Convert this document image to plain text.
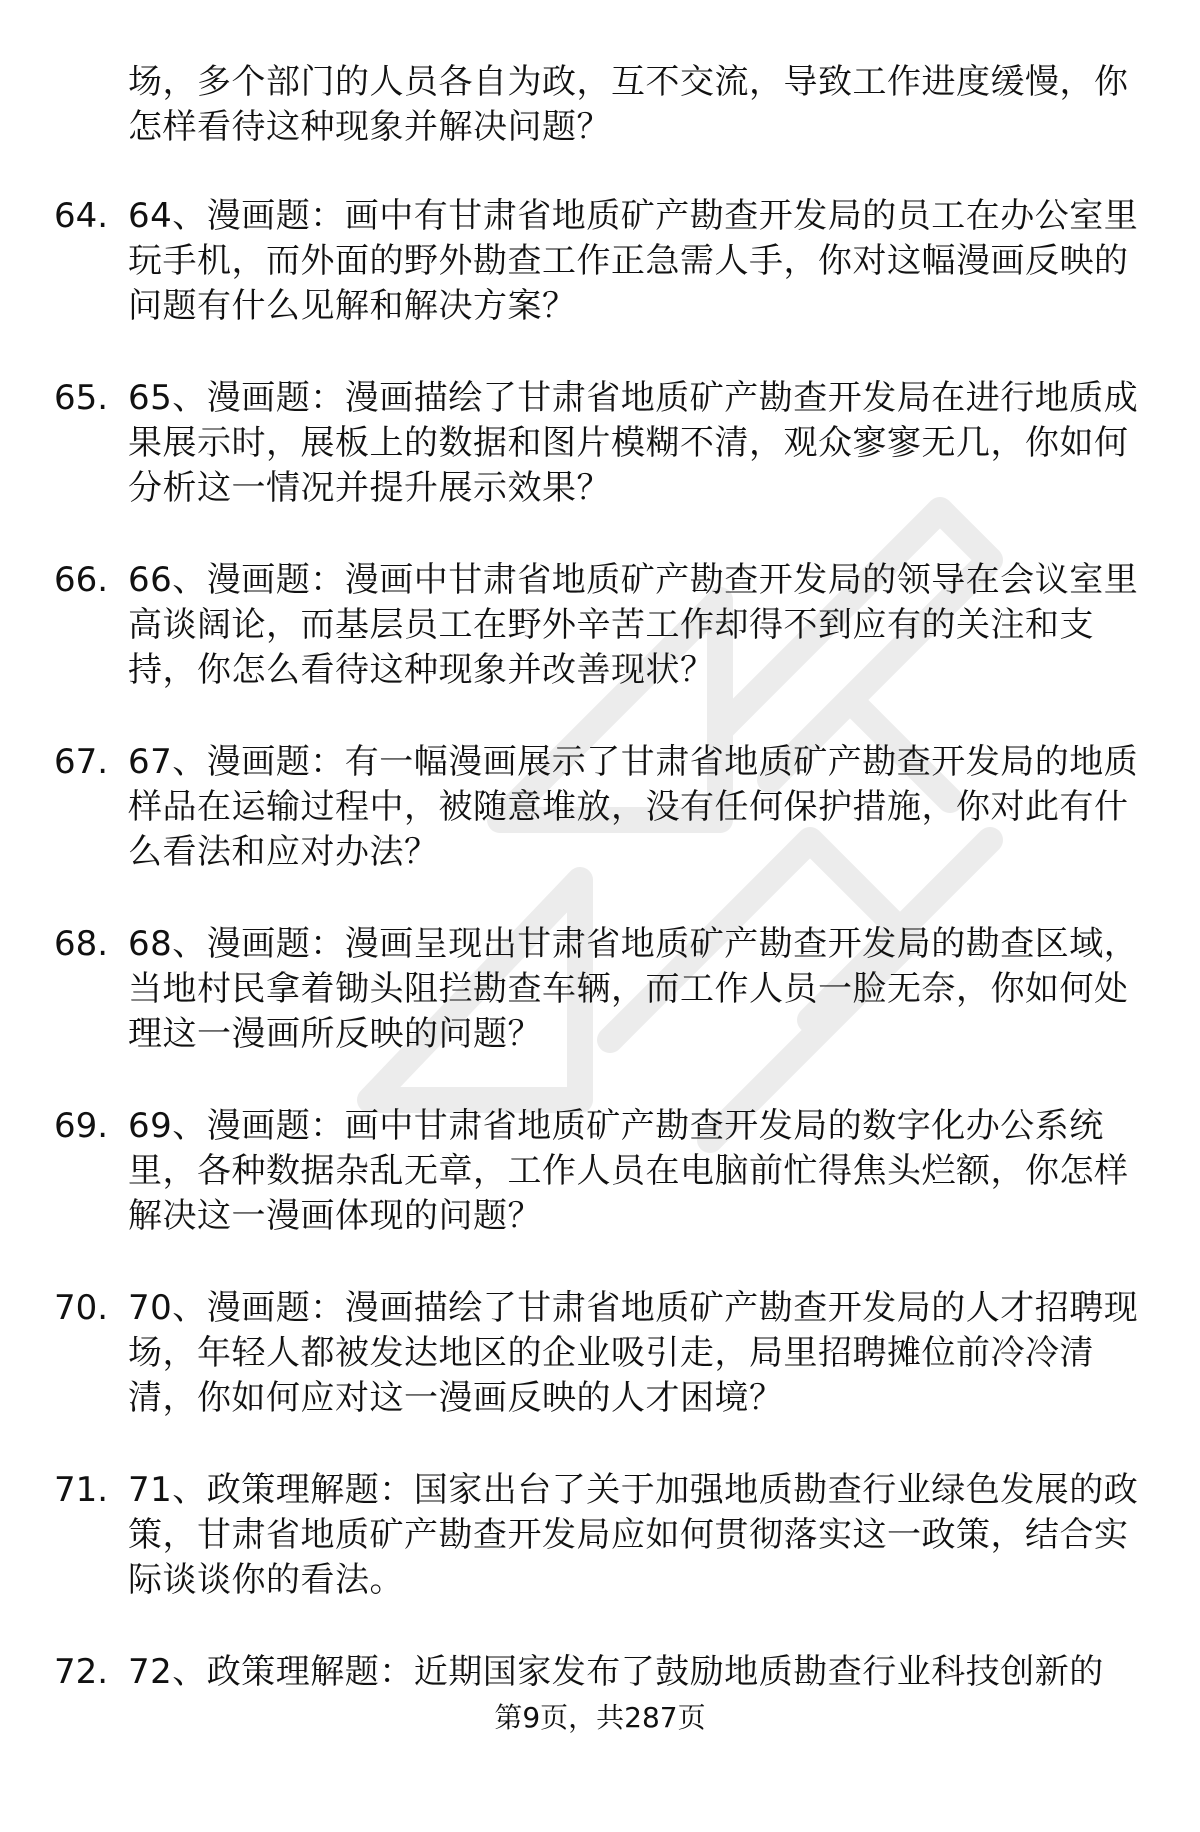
场，多个部门的人员各自为政，互不交流，导致工作进度缓慢，你怎样看待这种现象并解决问题？
64. 64、漫画题：画中有甘肃省地质矿产勘查开发局的员工在办公室里玩手机，而外面的野外勘查工作正急需人手，你对这幅漫画反映的问题有什么见解和解决方案？
65. 65、漫画题：漫画描绘了甘肃省地质矿产勘查开发局在进行地质成果展示时，展板上的数据和图片模糊不清，观众寥寥无几，你如何分析这一情况并提升展示效果？
66. 66、漫画题：漫画中甘肃省地质矿产勘查开发局的领导在会议室里高谈阔论，而基层员工在野外辛苦工作却得不到应有的关注和支持，你怎么看待这种现象并改善现状？
67. 67、漫画题：有一幅漫画展示了甘肃省地质矿产勘查开发局的地质样品在运输过程中，被随意堆放，没有任何保护措施，你对此有什么看法和应对办法？
68. 68、漫画题：漫画呈现出甘肃省地质矿产勘查开发局的勘查区域，当地村民拿着锄头阻拦勘查车辆，而工作人员一脸无奈，你如何处理这一漫画所反映的问题？
69. 69、漫画题：画中甘肃省地质矿产勘查开发局的数字化办公系统里，各种数据杂乱无章，工作人员在电脑前忙得焦头烂额，你怎样解决这一漫画体现的问题？
70. 70、漫画题：漫画描绘了甘肃省地质矿产勘查开发局的人才招聘现场，年轻人都被发达地区的企业吸引走，局里招聘摊位前冷冷清清，你如何应对这一漫画反映的人才困境？
71. 71、政策理解题：国家出台了关于加强地质勘查行业绿色发展的政策，甘肃省地质矿产勘查开发局应如何贯彻落实这一政策，结合实际谈谈你的看法。
72. 72、政策理解题：近期国家发布了鼓励地质勘查行业科技创新的
第9页，共287页
